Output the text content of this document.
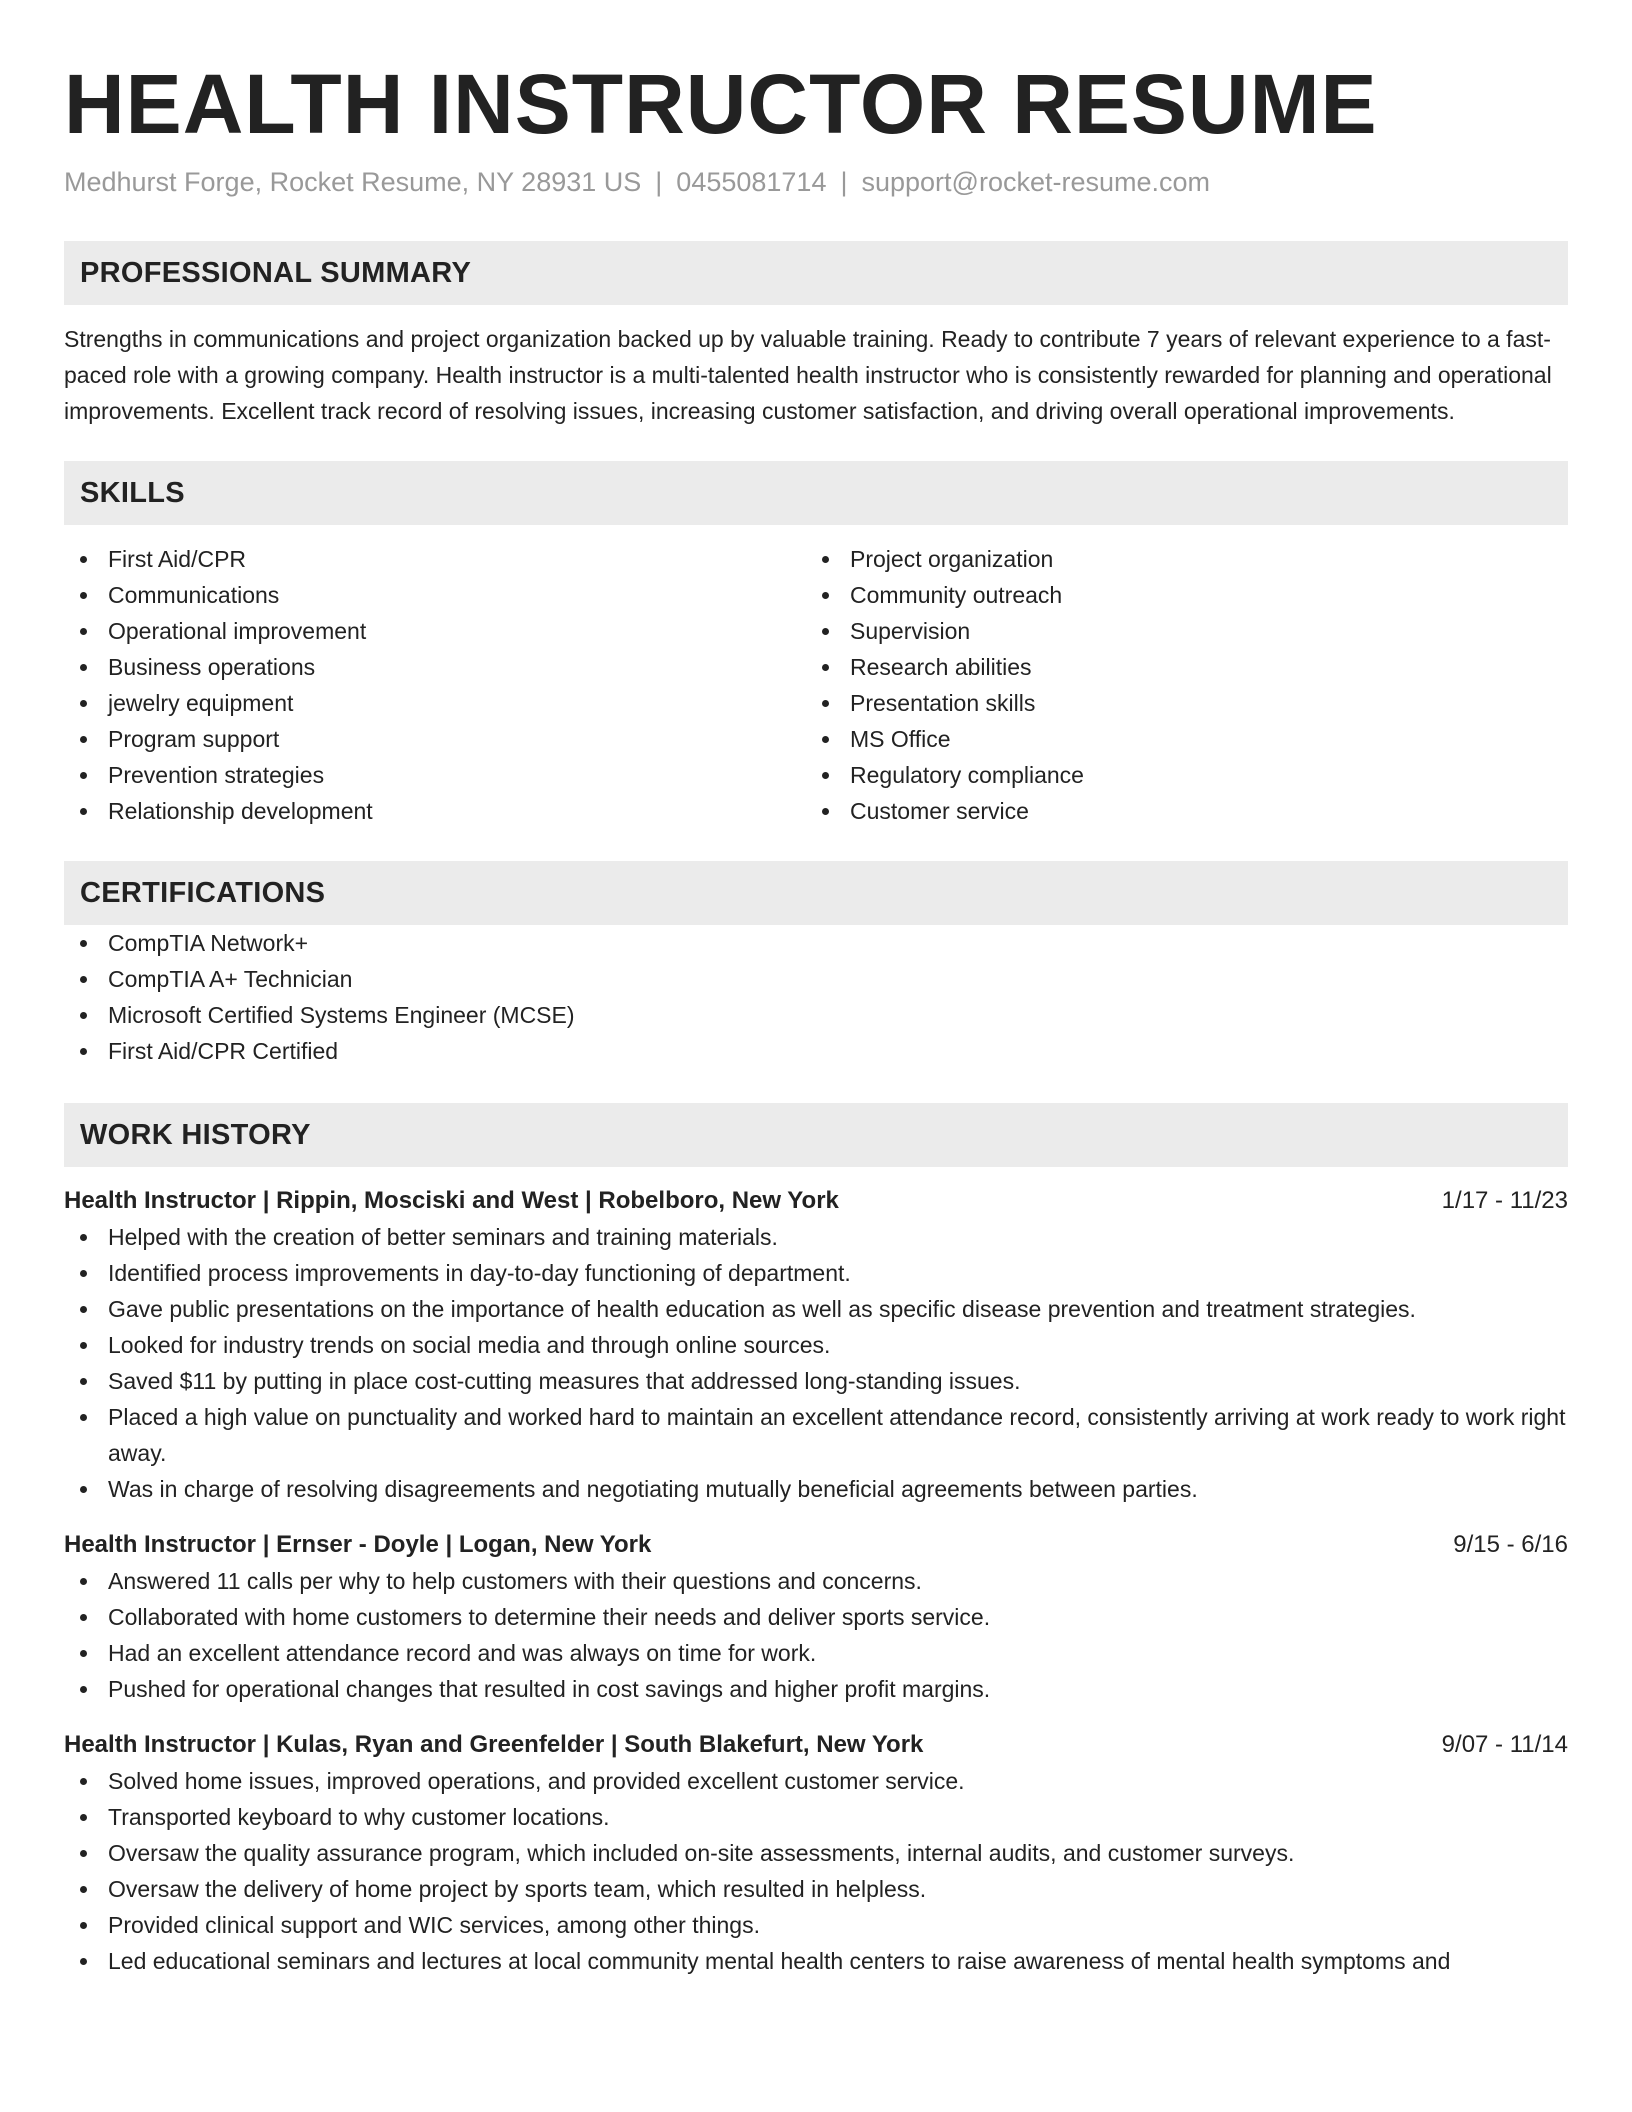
HEALTH INSTRUCTOR RESUME
Medhurst Forge, Rocket Resume, NY 28931 US | 0455081714 | support@rocket-resume.com
PROFESSIONAL SUMMARY
Strengths in communications and project organization backed up by valuable training. Ready to contribute 7 years of relevant experience to a fast-paced role with a growing company. Health instructor is a multi-talented health instructor who is consistently rewarded for planning and operational improvements. Excellent track record of resolving issues, increasing customer satisfaction, and driving overall operational improvements.
SKILLS
First Aid/CPR
Communications
Operational improvement
Business operations
jewelry equipment
Program support
Prevention strategies
Relationship development
Project organization
Community outreach
Supervision
Research abilities
Presentation skills
MS Office
Regulatory compliance
Customer service
CERTIFICATIONS
CompTIA Network+
CompTIA A+ Technician
Microsoft Certified Systems Engineer (MCSE)
First Aid/CPR Certified
WORK HISTORY
Health Instructor | Rippin, Mosciski and West | Robelboro, New York	1/17 - 11/23
Helped with the creation of better seminars and training materials.
Identified process improvements in day-to-day functioning of department.
Gave public presentations on the importance of health education as well as specific disease prevention and treatment strategies.
Looked for industry trends on social media and through online sources.
Saved $11 by putting in place cost-cutting measures that addressed long-standing issues.
Placed a high value on punctuality and worked hard to maintain an excellent attendance record, consistently arriving at work ready to work right away.
Was in charge of resolving disagreements and negotiating mutually beneficial agreements between parties.
Health Instructor | Ernser - Doyle | Logan, New York	9/15 - 6/16
Answered 11 calls per why to help customers with their questions and concerns.
Collaborated with home customers to determine their needs and deliver sports service.
Had an excellent attendance record and was always on time for work.
Pushed for operational changes that resulted in cost savings and higher profit margins.
Health Instructor | Kulas, Ryan and Greenfelder | South Blakefurt, New York	9/07 - 11/14
Solved home issues, improved operations, and provided excellent customer service.
Transported keyboard to why customer locations.
Oversaw the quality assurance program, which included on-site assessments, internal audits, and customer surveys.
Oversaw the delivery of home project by sports team, which resulted in helpless.
Provided clinical support and WIC services, among other things.
Led educational seminars and lectures at local community mental health centers to raise awareness of mental health symptoms and
